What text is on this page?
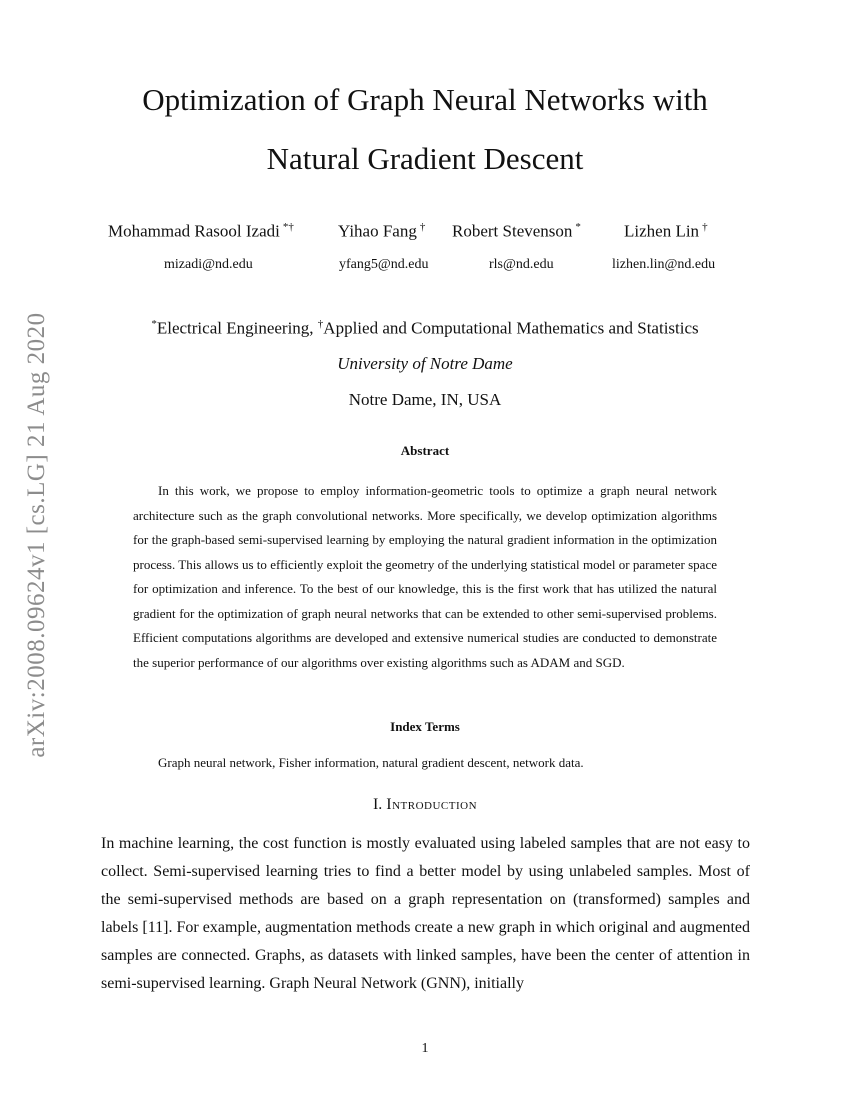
arXiv:2008.09624v1 [cs.LG] 21 Aug 2020
Optimization of Graph Neural Networks with
Natural Gradient Descent
Mohammad Rasool Izadi *†	Yihao Fang † Robert Stevenson *	Lizhen Lin †
mizadi@nd.edu	yfang5@nd.edu	rls@nd.edu	lizhen.lin@nd.edu
*Electrical Engineering, †Applied and Computational Mathematics and Statistics
University of Notre Dame
Notre Dame, IN, USA
Abstract

In this work, we propose to employ information-geometric tools to optimize a graph neural network architecture such as the graph convolutional networks. More specifically, we develop optimization algorithms for the graph-based semi-supervised learning by employing the natural gradient information in the optimization process. This allows us to efficiently exploit the geometry of the underlying statistical model or parameter space for optimization and inference. To the best of our knowledge, this is the first work that has utilized the natural gradient for the optimization of graph neural networks that can be extended to other semi-supervised problems. Efficient computations algorithms are developed and extensive numerical studies are conducted to demonstrate the superior performance of our algorithms over existing algorithms such as ADAM and SGD.

Index Terms
Graph neural network, Fisher information, natural gradient descent, network data.
I. Introduction

In machine learning, the cost function is mostly evaluated using labeled samples that are not easy to collect. Semi-supervised learning tries to find a better model by using unlabeled samples. Most of the semi-supervised methods are based on a graph representation on (transformed) samples and labels [11]. For example, augmentation methods create a new graph in which original and augmented samples are connected. Graphs, as datasets with linked samples, have been the center of attention in semi-supervised learning. Graph Neural Network (GNN), initially

1
